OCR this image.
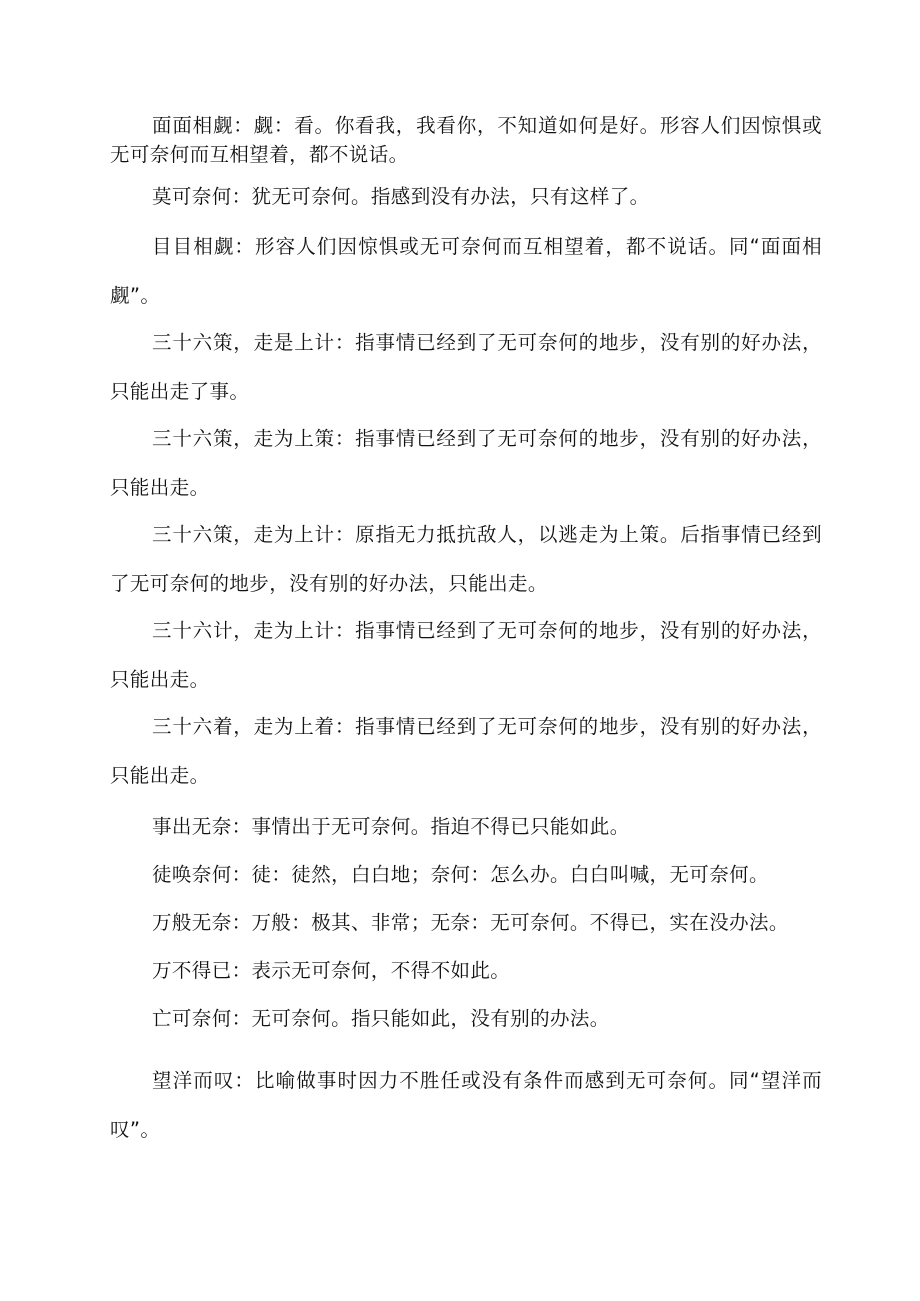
面面相觑：觑：看。你看我，我看你，不知道如何是好。形容人们因惊惧或无可奈何而互相望着，都不说话。

莫可奈何：犹无可奈何。指感到没有办法，只有这样了。

目目相觑：形容人们因惊惧或无可奈何而互相望着，都不说话。同“面面相觑”。

三十六策，走是上计：指事情已经到了无可奈何的地步，没有别的好办法，只能出走了事。

三十六策，走为上策：指事情已经到了无可奈何的地步，没有别的好办法，只能出走。

三十六策，走为上计：原指无力抵抗敌人，以逃走为上策。后指事情已经到了无可奈何的地步，没有别的好办法，只能出走。

三十六计，走为上计：指事情已经到了无可奈何的地步，没有别的好办法，只能出走。

三十六着，走为上着：指事情已经到了无可奈何的地步，没有别的好办法，只能出走。

事出无奈：事情出于无可奈何。指迫不得已只能如此。

徒唤奈何：徒：徒然，白白地；奈何：怎么办。白白叫喊，无可奈何。

万般无奈：万般：极其、非常；无奈：无可奈何。不得已，实在没办法。

万不得已：表示无可奈何，不得不如此。

亡可奈何：无可奈何。指只能如此，没有别的办法。

望洋而叹：比喻做事时因力不胜任或没有条件而感到无可奈何。同“望洋而叹”。
